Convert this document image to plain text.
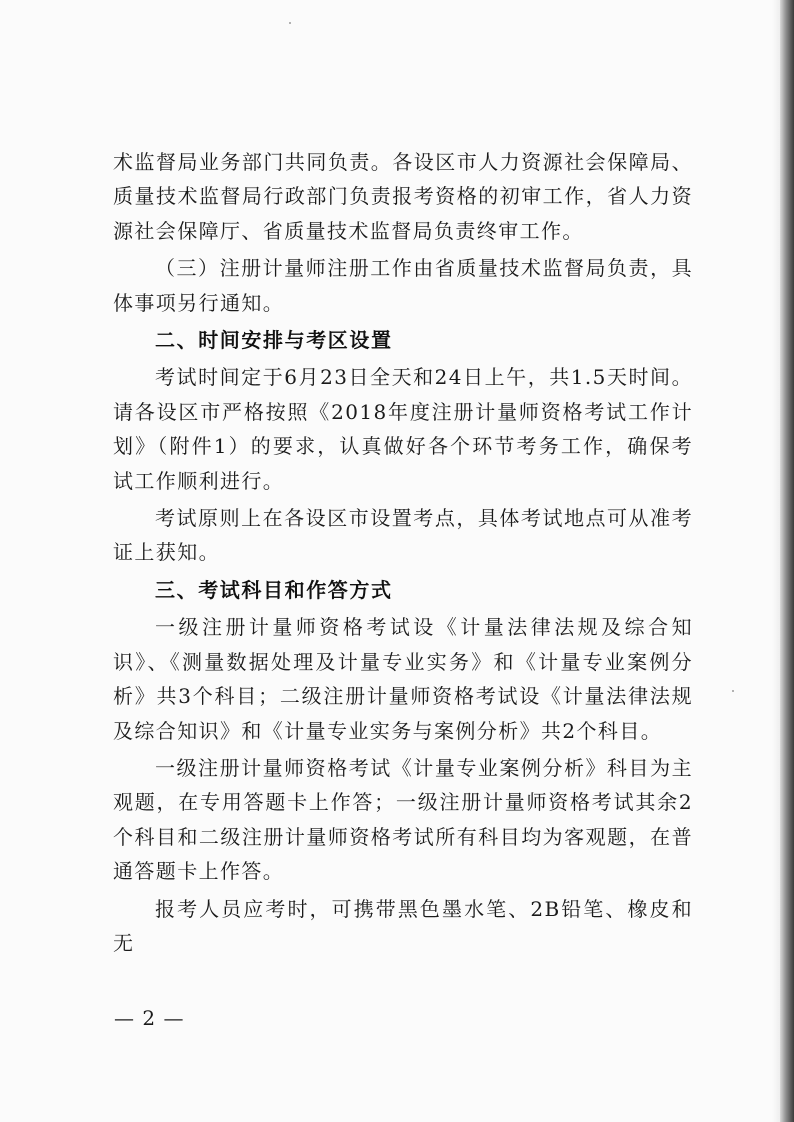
术监督局业务部门共同负责。各设区市人力资源社会保障局、质量技术监督局行政部门负责报考资格的初审工作，省人力资源社会保障厅、省质量技术监督局负责终审工作。

（三）注册计量师注册工作由省质量技术监督局负责，具体事项另行通知。

二、时间安排与考区设置

考试时间定于6月23日全天和24日上午，共1.5天时间。请各设区市严格按照《2018年度注册计量师资格考试工作计划》（附件1）的要求，认真做好各个环节考务工作，确保考试工作顺利进行。

考试原则上在各设区市设置考点，具体考试地点可从准考证上获知。

三、考试科目和作答方式

一级注册计量师资格考试设《计量法律法规及综合知识》、《测量数据处理及计量专业实务》和《计量专业案例分析》共3个科目；二级注册计量师资格考试设《计量法律法规及综合知识》和《计量专业实务与案例分析》共2个科目。

一级注册计量师资格考试《计量专业案例分析》科目为主观题，在专用答题卡上作答；一级注册计量师资格考试其余2个科目和二级注册计量师资格考试所有科目均为客观题，在普通答题卡上作答。

报考人员应考时，可携带黑色墨水笔、2B铅笔、橡皮和无

— 2 —
